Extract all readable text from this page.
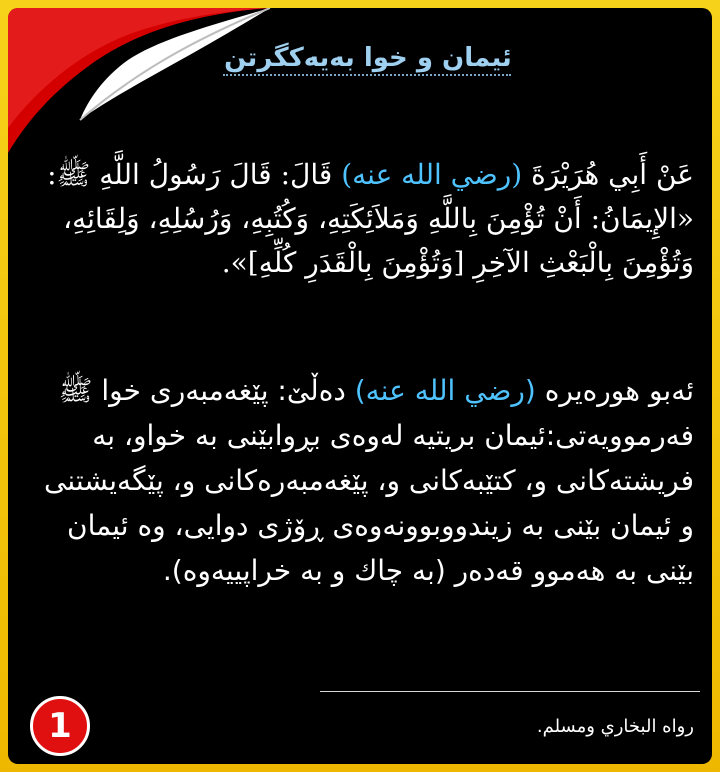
ئیمان و خوا بەیەكگرتن
عَنْ أَبِي هُرَيْرَةَ (رضي الله عنه) قَالَ: قَالَ رَسُولُ اللَّهِ ﷺ: «الإِيمَانُ: أَنْ تُؤْمِنَ بِاللَّهِ وَمَلاَئِكَتِهِ، وَكُتُبِهِ، وَرُسُلِهِ، وَلِقَائِهِ، وَتُؤْمِنَ بِالْبَعْثِ الآخِرِ [وَتُؤْمِنَ بِالْقَدَرِ كُلِّهِ]».
ئەبو هورەیرە (رضي الله عنه) دەڵێ: پێغەمبەری خوا ﷺ فەرموویەتی:ئیمان بریتیە لەوەی بڕوابێنی بە خواو، بە فریشتەكانی و، كتێبەكانی و، پێغەمبەرەكانی و، پێگەیشتنی و ئیمان بێنی بە زیندووبوونەوەی ڕۆژی دوایی، وە ئیمان بێنی بە هەموو قەدەر (بە چاك و بە خراپییەوە).
رواه البخاري ومسلم.
1
